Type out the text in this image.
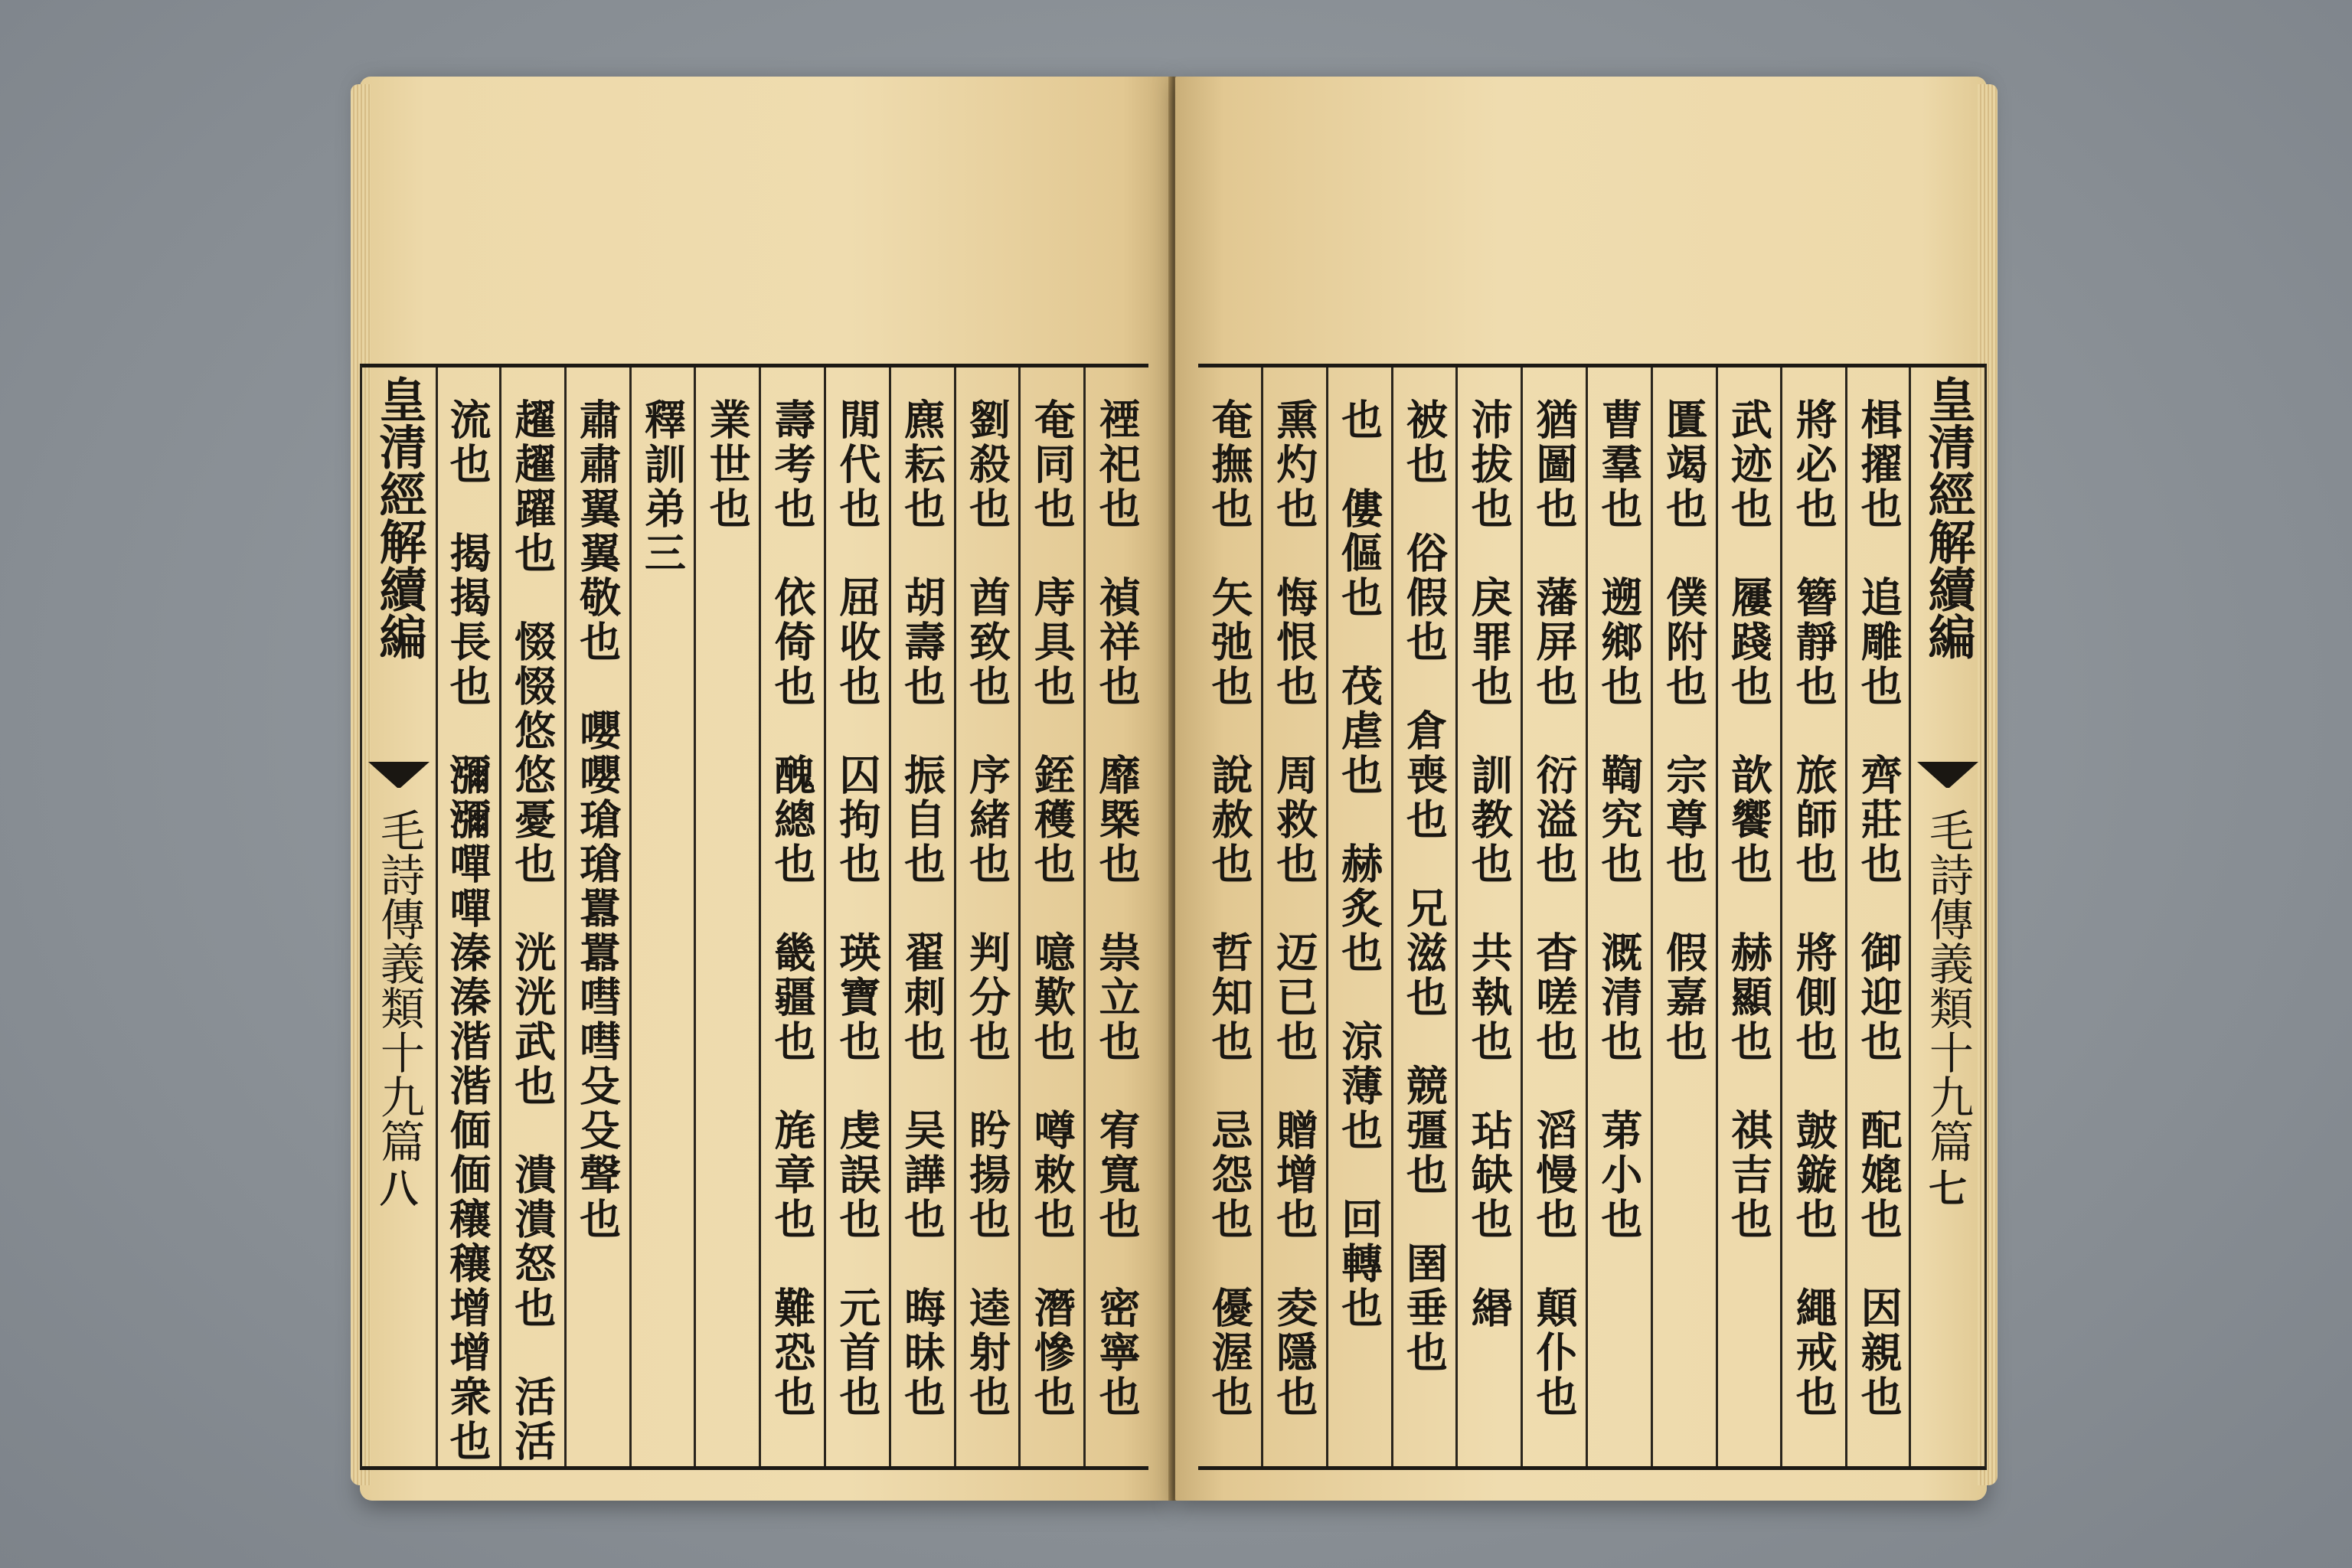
皇清經解續編
毛詩傳義類十九篇
八	禋祀也　禎祥也　靡槩也　祟立也　宥寬也　密寧也
奄同也　庤具也　銍穫也　噫歎也　噂敕也　潛慘也
劉殺也　酋致也　序緒也　判分也　盻揚也　逵射也
麃耘也　胡壽也　振自也　翟刺也　吴譁也　晦昧也
閒代也　屈收也　囚拘也　瑛寶也　虔誤也　元首也
壽考也　依倚也　醜總也　畿疆也　旄章也　難恐也
業世也
釋訓弟三
肅肅翼翼敬也　嚶嚶瑲瑲囂囂嘒嘒殳殳聲也
趯趯躍也　惙惙悠悠憂也　洸洸武也　潰潰怒也　活活
流也　揭揭長也　瀰瀰嘽嘽溱溱湝湝偭偭穰穰增增衆也	皇清經解續編
毛詩傳義類十九篇
七
楫擢也　追雕也　齊莊也　御迎也　配媲也　因親也
將必也　簪靜也　旅師也　將側也　皷鏇也　繩戒也
武迹也　屨踐也　歆饗也　赫顯也　祺吉也
匱竭也　僕附也　宗尊也　假嘉也
曹羣也　遡鄉也　鞫究也　溉清也　苐小也
猶圖也　藩屏也　衍溢也　杳嗟也　滔慢也　顛仆也
沛拔也　戾罪也　訓教也　共執也　玷缺也　緡
被也　俗假也　倉喪也　兄滋也　競彊也　圉垂也
也　僂傴也　茷虐也　赫炙也　涼薄也　回轉也
熏灼也　悔恨也　周救也　迈已也　贈增也　夌隱也
奄撫也　矢弛也　說赦也　哲知也　忌怨也　優渥也
